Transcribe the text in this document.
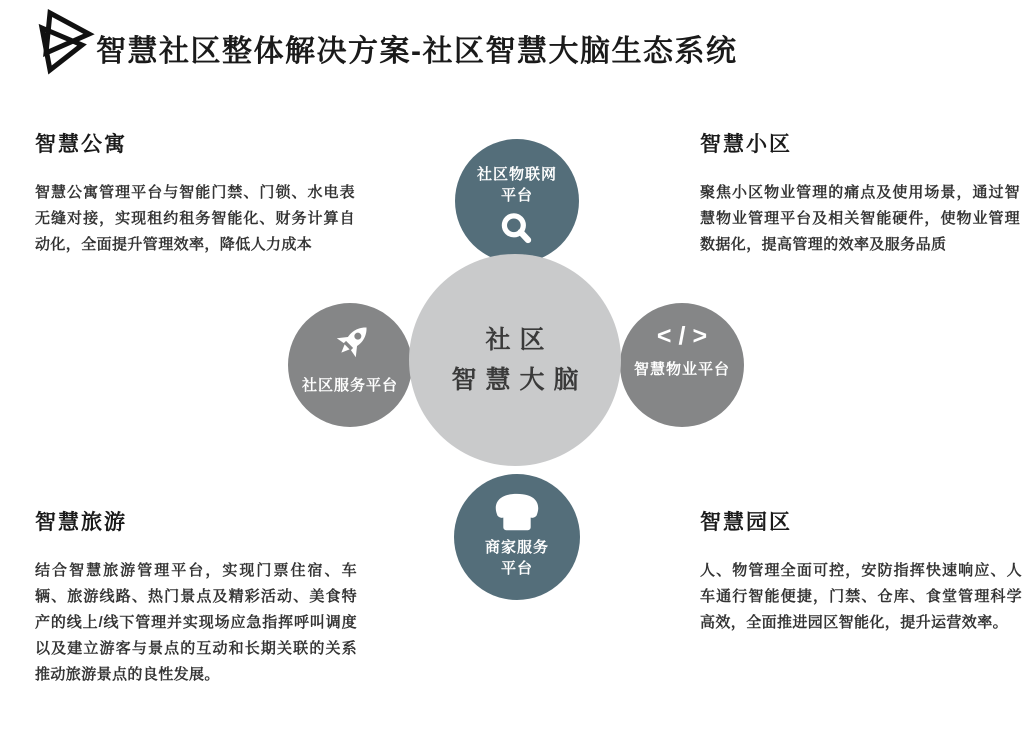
智慧社区整体解决方案-社区智慧大脑生态系统
智慧公寓

智慧公寓管理平台与智能门禁、门锁、水电表无缝对接，实现租约租务智能化、财务计算自动化，全面提升管理效率，降低人力成本

智慧小区

聚焦小区物业管理的痛点及使用场景，通过智慧物业管理平台及相关智能硬件，使物业管理数据化，提高管理的效率及服务品质

智慧旅游

结合智慧旅游管理平台，实现门票住宿、车辆、旅游线路、热门景点及精彩活动、美食特产的线上/线下管理并实现场应急指挥呼叫调度以及建立游客与景点的互动和长期关联的关系推动旅游景点的良性发展。

智慧园区

人、物管理全面可控，安防指挥快速响应、人车通行智能便捷，门禁、仓库、食堂管理科学高效，全面推进园区智能化，提升运营效率。

社区物联网
平台
社区服务平台
</>
智慧物业平台
商家服务
平台
社区
智慧大脑
